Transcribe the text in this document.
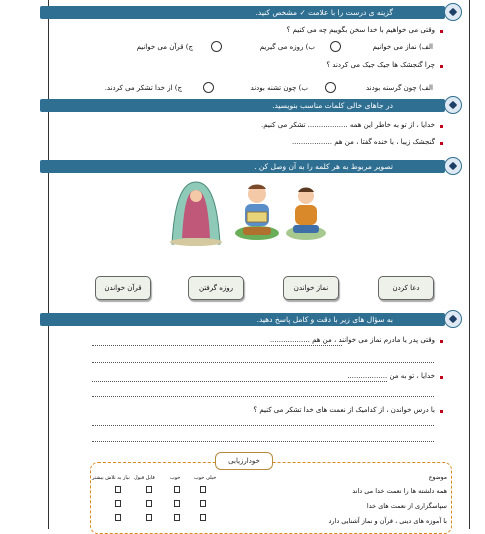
گزینه ی درست را با علامت ✓ مشخص کنید.
وقتی می خواهیم با خدا سخن بگوییم چه می کنیم ؟
الف) نماز می خوانیم
ب) روزه می گیریم
ج) قرآن می خوانیم
چرا گنجشک ها جیک جیک می کردند ؟
الف) چون گرسنه بودند
ب) چون تشنه بودند
ج) از خدا تشکر می کردند.
در جاهای خالی کلمات مناسب بنویسید.
خدایا ، از تو به خاطر این همه .................. تشکر می کنیم.
گنجشک زیبا ، با خنده گفتا ، من هم ..................
تصویر مربوط به هر کلمه را به آن وصل کن .
دعا کردن
نماز خواندن
روزه گرفتن
قرآن خواندن
به سؤال های زیر با دقت و کامل پاسخ دهید.
وقتی پدر یا مادرم نماز می خوانند ، من هم ..................
خدایا ، تو به من ..................
با درس خواندن ، از کدامیک از نعمت های خدا تشکر می کنیم ؟
خودارزیابی
موضوع
خیلی خوب
خوب
قابل قبول
نیاز به تلاش بیشتر
همه دلشته ها را نعمت خدا می داند
سپاسگزاری از نعمت های خدا
با آموزه های دینی ، قرآن و نماز آشنایی دارد
